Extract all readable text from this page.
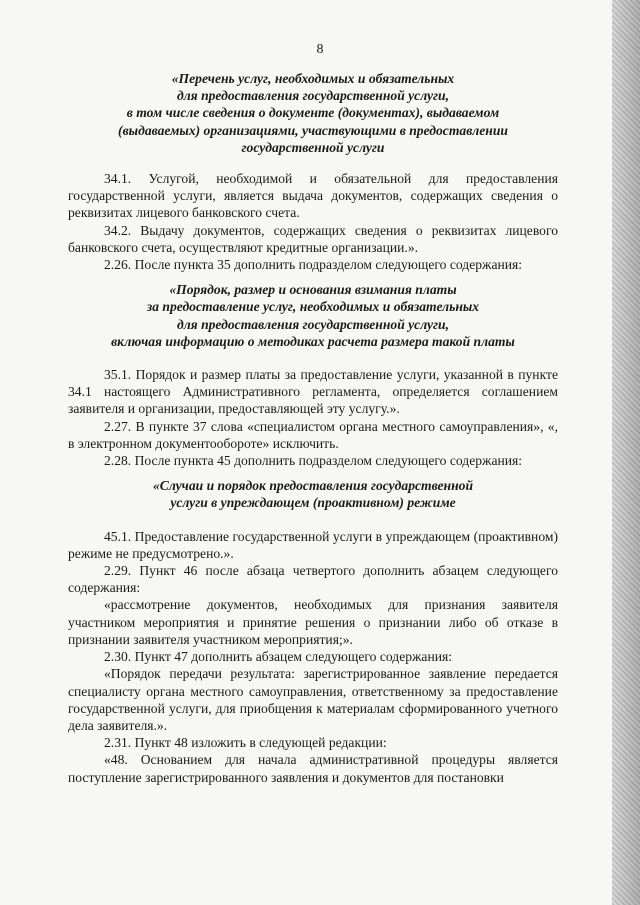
8
«Перечень услуг, необходимых и обязательных
для предоставления государственной услуги,
в том числе сведения о документе (документах), выдаваемом
(выдаваемых) организациями, участвующими в предоставлении
государственной услуги

34.1. Услугой, необходимой и обязательной для предоставления государственной услуги, является выдача документов, содержащих сведения о реквизитах лицевого банковского счета.

34.2. Выдачу документов, содержащих сведения о реквизитах лицевого банковского счета, осуществляют кредитные организации.».

2.26. После пункта 35 дополнить подразделом следующего содержания:

«Порядок, размер и основания взимания платы
за предоставление услуг, необходимых и обязательных
для предоставления государственной услуги,
включая информацию о методиках расчета размера такой платы

35.1. Порядок и размер платы за предоставление услуги, указанной в пункте 34.1 настоящего Административного регламента, определяется соглашением заявителя и организации, предоставляющей эту услугу.».

2.27. В пункте 37 слова «специалистом органа местного самоуправления», «, в электронном документообороте» исключить.

2.28. После пункта 45 дополнить подразделом следующего содержания:

«Случаи и порядок предоставления государственной
услуги в упреждающем (проактивном) режиме

45.1. Предоставление государственной услуги в упреждающем (проактивном) режиме не предусмотрено.».

2.29. Пункт 46 после абзаца четвертого дополнить абзацем следующего содержания:

«рассмотрение документов, необходимых для признания заявителя участником мероприятия и принятие решения о признании либо об отказе в признании заявителя участником мероприятия;».

2.30. Пункт 47 дополнить абзацем следующего содержания:

«Порядок передачи результата: зарегистрированное заявление передается специалисту органа местного самоуправления, ответственному за предоставление государственной услуги, для приобщения к материалам сформированного учетного дела заявителя.».

2.31. Пункт 48 изложить в следующей редакции:

«48. Основанием для начала административной процедуры является поступление зарегистрированного заявления и документов для постановки
